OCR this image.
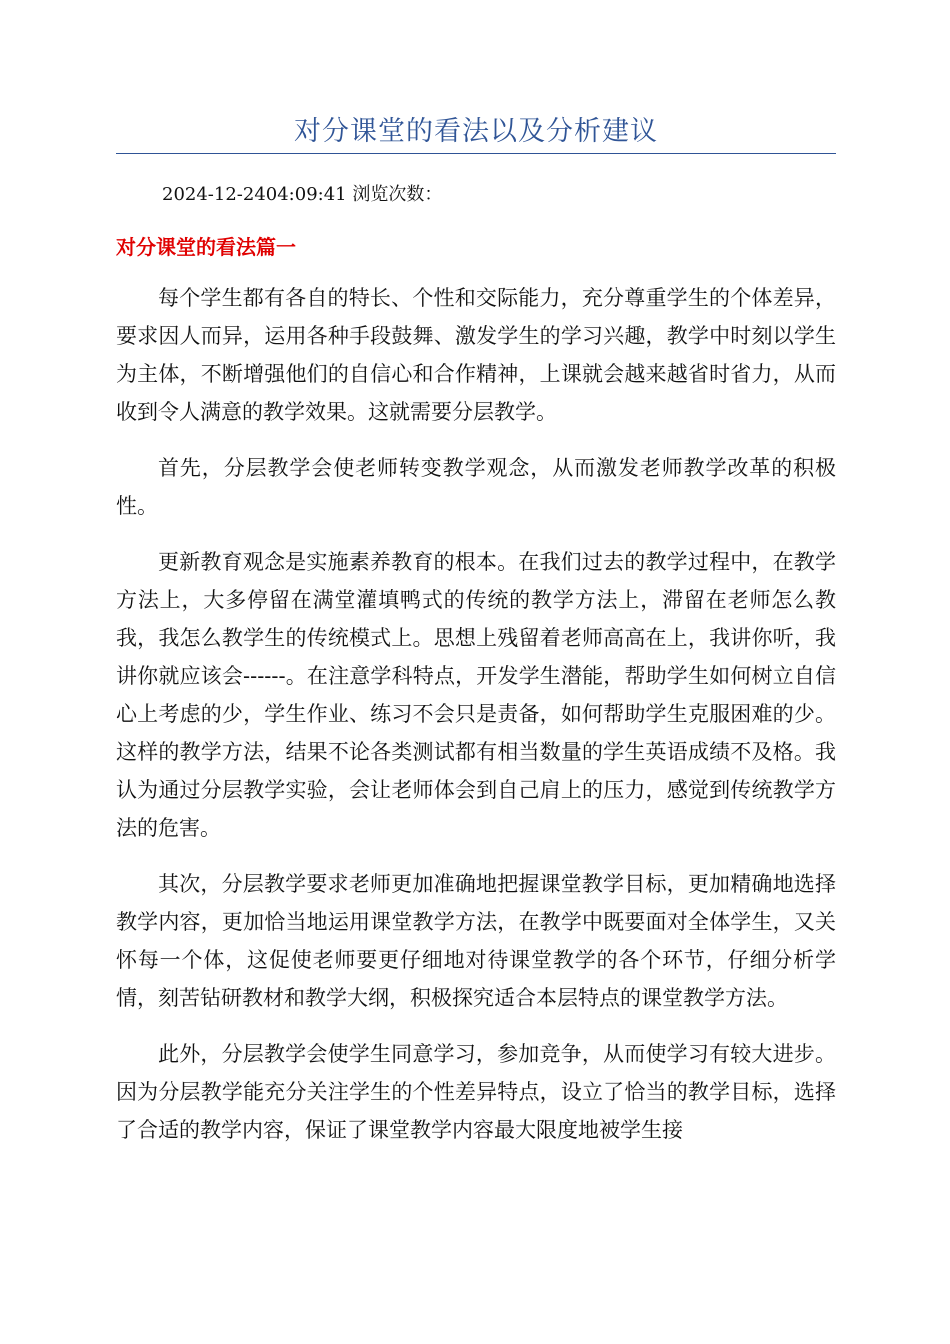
对分课堂的看法以及分析建议
2024-12-2404:09:41 浏览次数：
对分课堂的看法篇一

每个学生都有各自的特长、个性和交际能力，充分尊重学生的个体差异，要求因人而异，运用各种手段鼓舞、激发学生的学习兴趣，教学中时刻以学生为主体，不断增强他们的自信心和合作精神，上课就会越来越省时省力，从而收到令人满意的教学效果。这就需要分层教学。

首先，分层教学会使老师转变教学观念，从而激发老师教学改革的积极性。

更新教育观念是实施素养教育的根本。在我们过去的教学过程中，在教学方法上，大多停留在满堂灌填鸭式的传统的教学方法上，滞留在老师怎么教我，我怎么教学生的传统模式上。思想上残留着老师高高在上，我讲你听，我讲你就应该会------。在注意学科特点，开发学生潜能，帮助学生如何树立自信心上考虑的少，学生作业、练习不会只是责备，如何帮助学生克服困难的少。这样的教学方法，结果不论各类测试都有相当数量的学生英语成绩不及格。我认为通过分层教学实验，会让老师体会到自己肩上的压力，感觉到传统教学方法的危害。

其次，分层教学要求老师更加准确地把握课堂教学目标，更加精确地选择教学内容，更加恰当地运用课堂教学方法，在教学中既要面对全体学生，又关怀每一个体，这促使老师要更仔细地对待课堂教学的各个环节，仔细分析学情，刻苦钻研教材和教学大纲，积极探究适合本层特点的课堂教学方法。

此外，分层教学会使学生同意学习，参加竞争，从而使学习有较大进步。因为分层教学能充分关注学生的个性差异特点，设立了恰当的教学目标，选择了合适的教学内容，保证了课堂教学内容最大限度地被学生接
